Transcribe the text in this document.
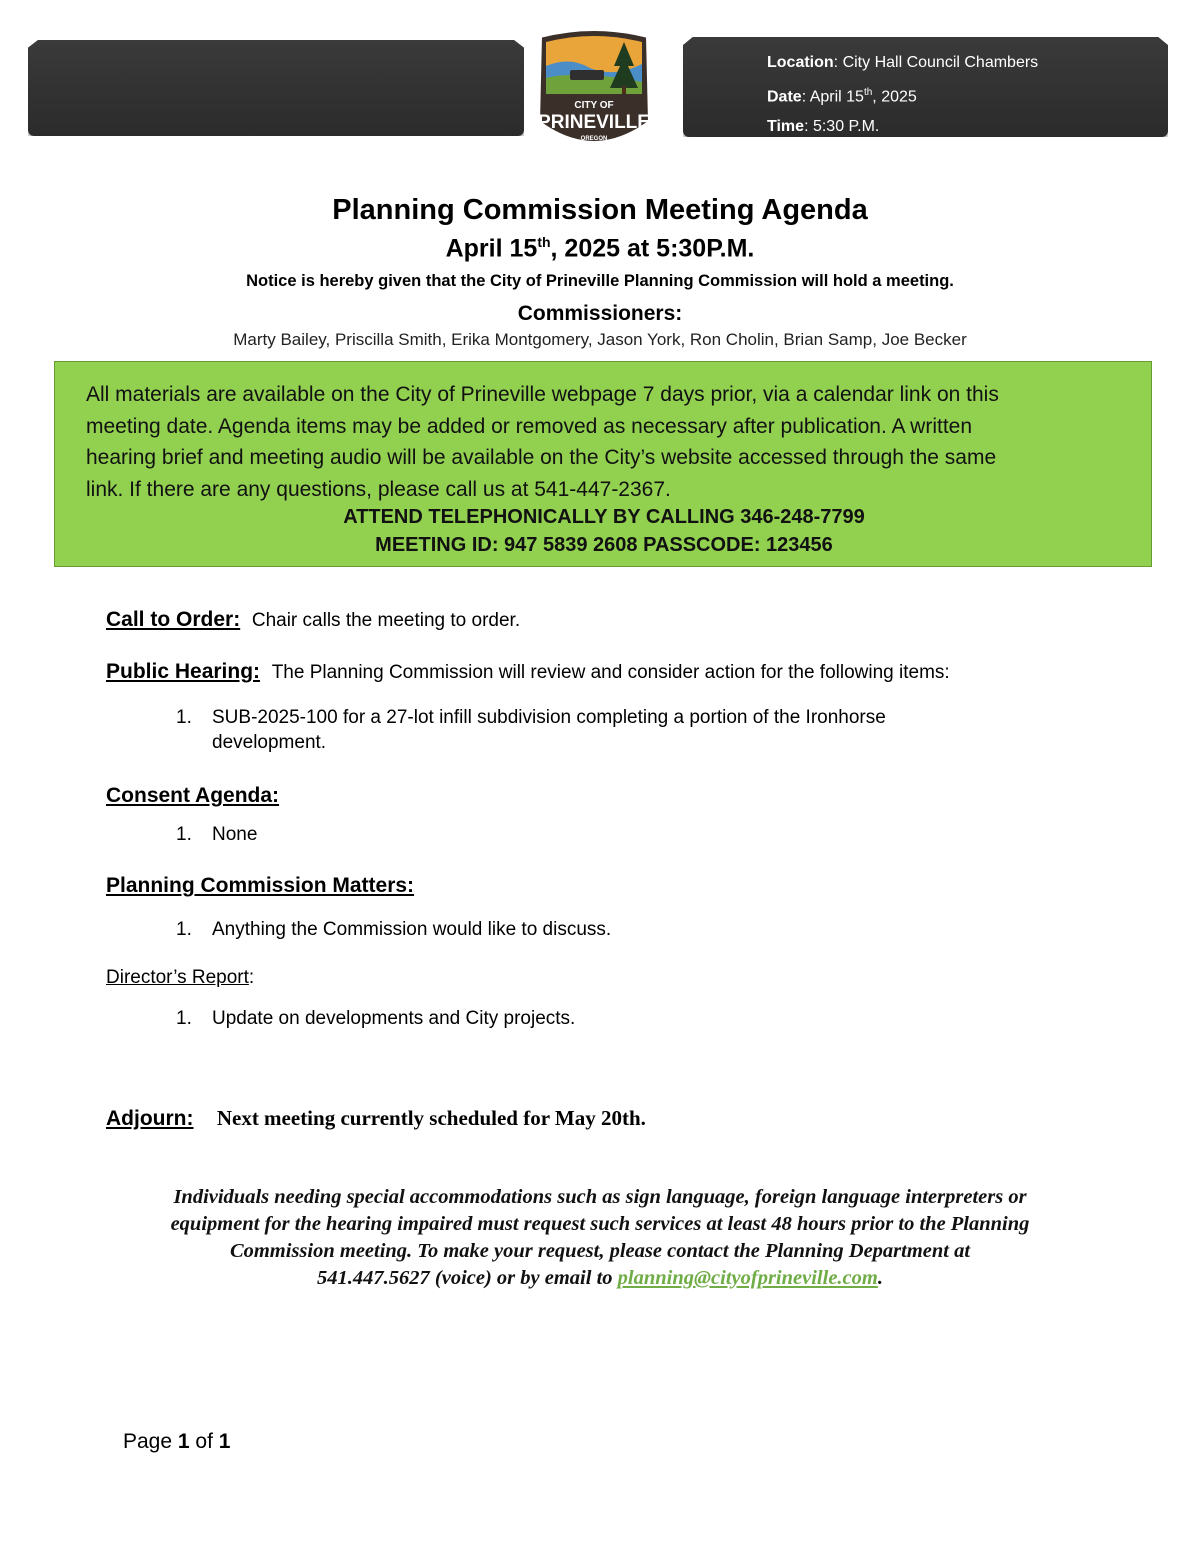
Location: City Hall Council Chambers
Date: April 15th, 2025
Time: 5:30 P.M.
CITY OF
PRINEVILLE
OREGON
Planning Commission Meeting Agenda
April 15th, 2025 at 5:30P.M.
Notice is hereby given that the City of Prineville Planning Commission will hold a meeting.
Commissioners:
Marty Bailey, Priscilla Smith, Erika Montgomery, Jason York, Ron Cholin, Brian Samp, Joe Becker
All materials are available on the City of Prineville webpage 7 days prior, via a calendar link on this
meeting date. Agenda items may be added or removed as necessary after publication. A written
hearing brief and meeting audio will be available on the City’s website accessed through the same
link. If there are any questions, please call us at 541-447-2367.
ATTEND TELEPHONICALLY BY CALLING 346-248-7799
MEETING ID: 947 5839 2608 PASSCODE: 123456
Call to Order: Chair calls the meeting to order.
Public Hearing: The Planning Commission will review and consider action for the following items:
1. SUB-2025-100 for a 27-lot infill subdivision completing a portion of the Ironhorse
development.
Consent Agenda:
1. None
Planning Commission Matters:
1. Anything the Commission would like to discuss.
Director’s Report:
1. Update on developments and City projects.
Adjourn: Next meeting currently scheduled for May 20th.
Individuals needing special accommodations such as sign language, foreign language interpreters or
equipment for the hearing impaired must request such services at least 48 hours prior to the Planning
Commission meeting. To make your request, please contact the Planning Department at
541.447.5627 (voice) or by email to planning@cityofprineville.com.
Page 1 of 1
